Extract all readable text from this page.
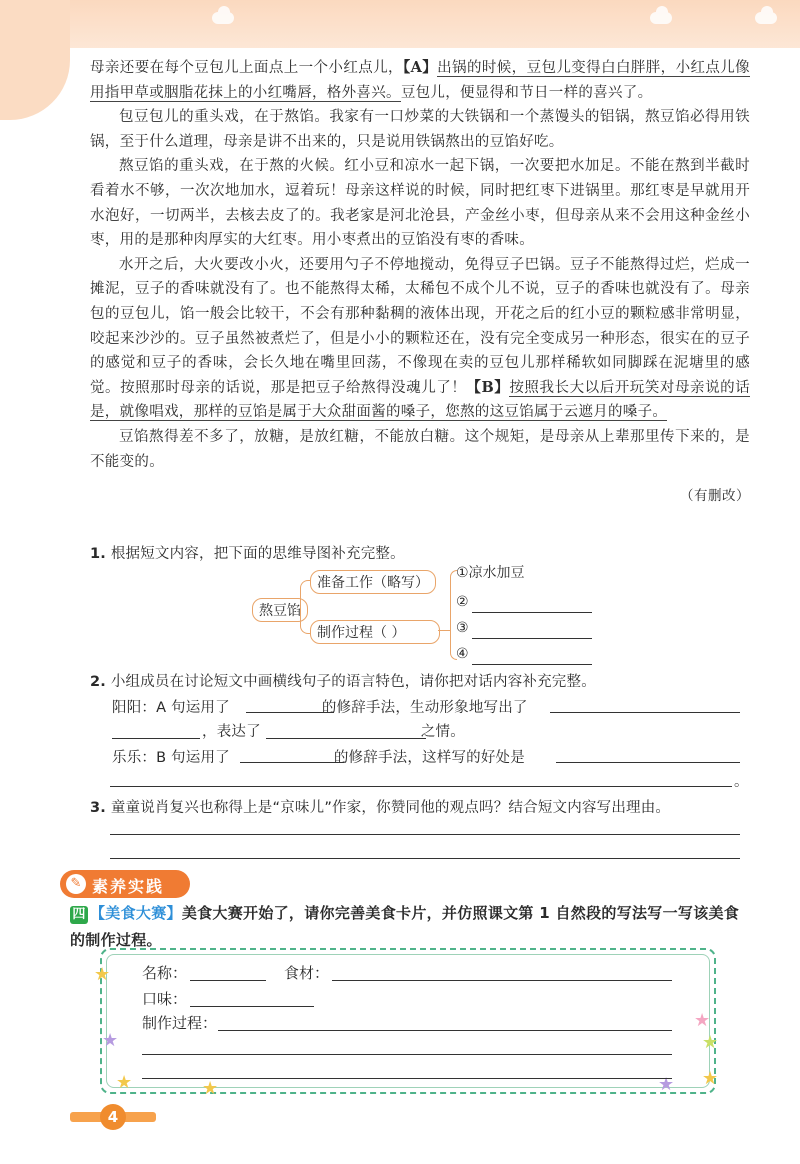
母亲还要在每个豆包儿上面点上一个小红点儿，【A】出锅的时候，豆包儿变得白白胖胖，小红点儿像用指甲草或胭脂花抹上的小红嘴唇，格外喜兴。豆包儿，便显得和节日一样的喜兴了。

包豆包儿的重头戏，在于熬馅。我家有一口炒菜的大铁锅和一个蒸馒头的铝锅，熬豆馅必得用铁锅，至于什么道理，母亲是讲不出来的，只是说用铁锅熬出的豆馅好吃。

熬豆馅的重头戏，在于熬的火候。红小豆和凉水一起下锅，一次要把水加足。不能在熬到半截时看着水不够，一次次地加水，逗着玩！母亲这样说的时候，同时把红枣下进锅里。那红枣是早就用开水泡好，一切两半，去核去皮了的。我老家是河北沧县，产金丝小枣，但母亲从来不会用这种金丝小枣，用的是那种肉厚实的大红枣。用小枣煮出的豆馅没有枣的香味。

水开之后，大火要改小火，还要用勺子不停地搅动，免得豆子巴锅。豆子不能熬得过烂，烂成一摊泥，豆子的香味就没有了。也不能熬得太稀，太稀包不成个儿不说，豆子的香味也就没有了。母亲包的豆包儿，馅一般会比较干，不会有那种黏稠的液体出现，开花之后的红小豆的颗粒感非常明显，咬起来沙沙的。豆子虽然被煮烂了，但是小小的颗粒还在，没有完全变成另一种形态，很实在的豆子的感觉和豆子的香味，会长久地在嘴里回荡，不像现在卖的豆包儿那样稀软如同脚踩在泥塘里的感觉。按照那时母亲的话说，那是把豆子给熬得没魂儿了！【B】按照我长大以后开玩笑对母亲说的话是，就像唱戏，那样的豆馅是属于大众甜面酱的嗓子，您熬的这豆馅属于云遮月的嗓子。

豆馅熬得差不多了，放糖，是放红糖，不能放白糖。这个规矩，是母亲从上辈那里传下来的，是不能变的。

（有删改）
1. 根据短文内容，把下面的思维导图补充完整。
熬豆馅
准备工作（略写）
制作过程（ ）
①凉水加豆
②
③
④
2. 小组成员在讨论短文中画横线句子的语言特色，请你把对话内容补充完整。
阳阳：A 句运用了	的修辞手法，生动形象地写出了
，表达了	之情。
乐乐：B 句运用了	的修辞手法，这样写的好处是
。
3. 童童说肖复兴也称得上是“京味儿”作家，你赞同他的观点吗？结合短文内容写出理由。
✎ 素养实践
四 【美食大赛】美食大赛开始了，请你完善美食卡片，并仿照课文第 1 自然段的写法写一写该美食的制作过程。
★
★
★	★
★
★
★ ★
名称：	食材：
口味：
制作过程：
4
